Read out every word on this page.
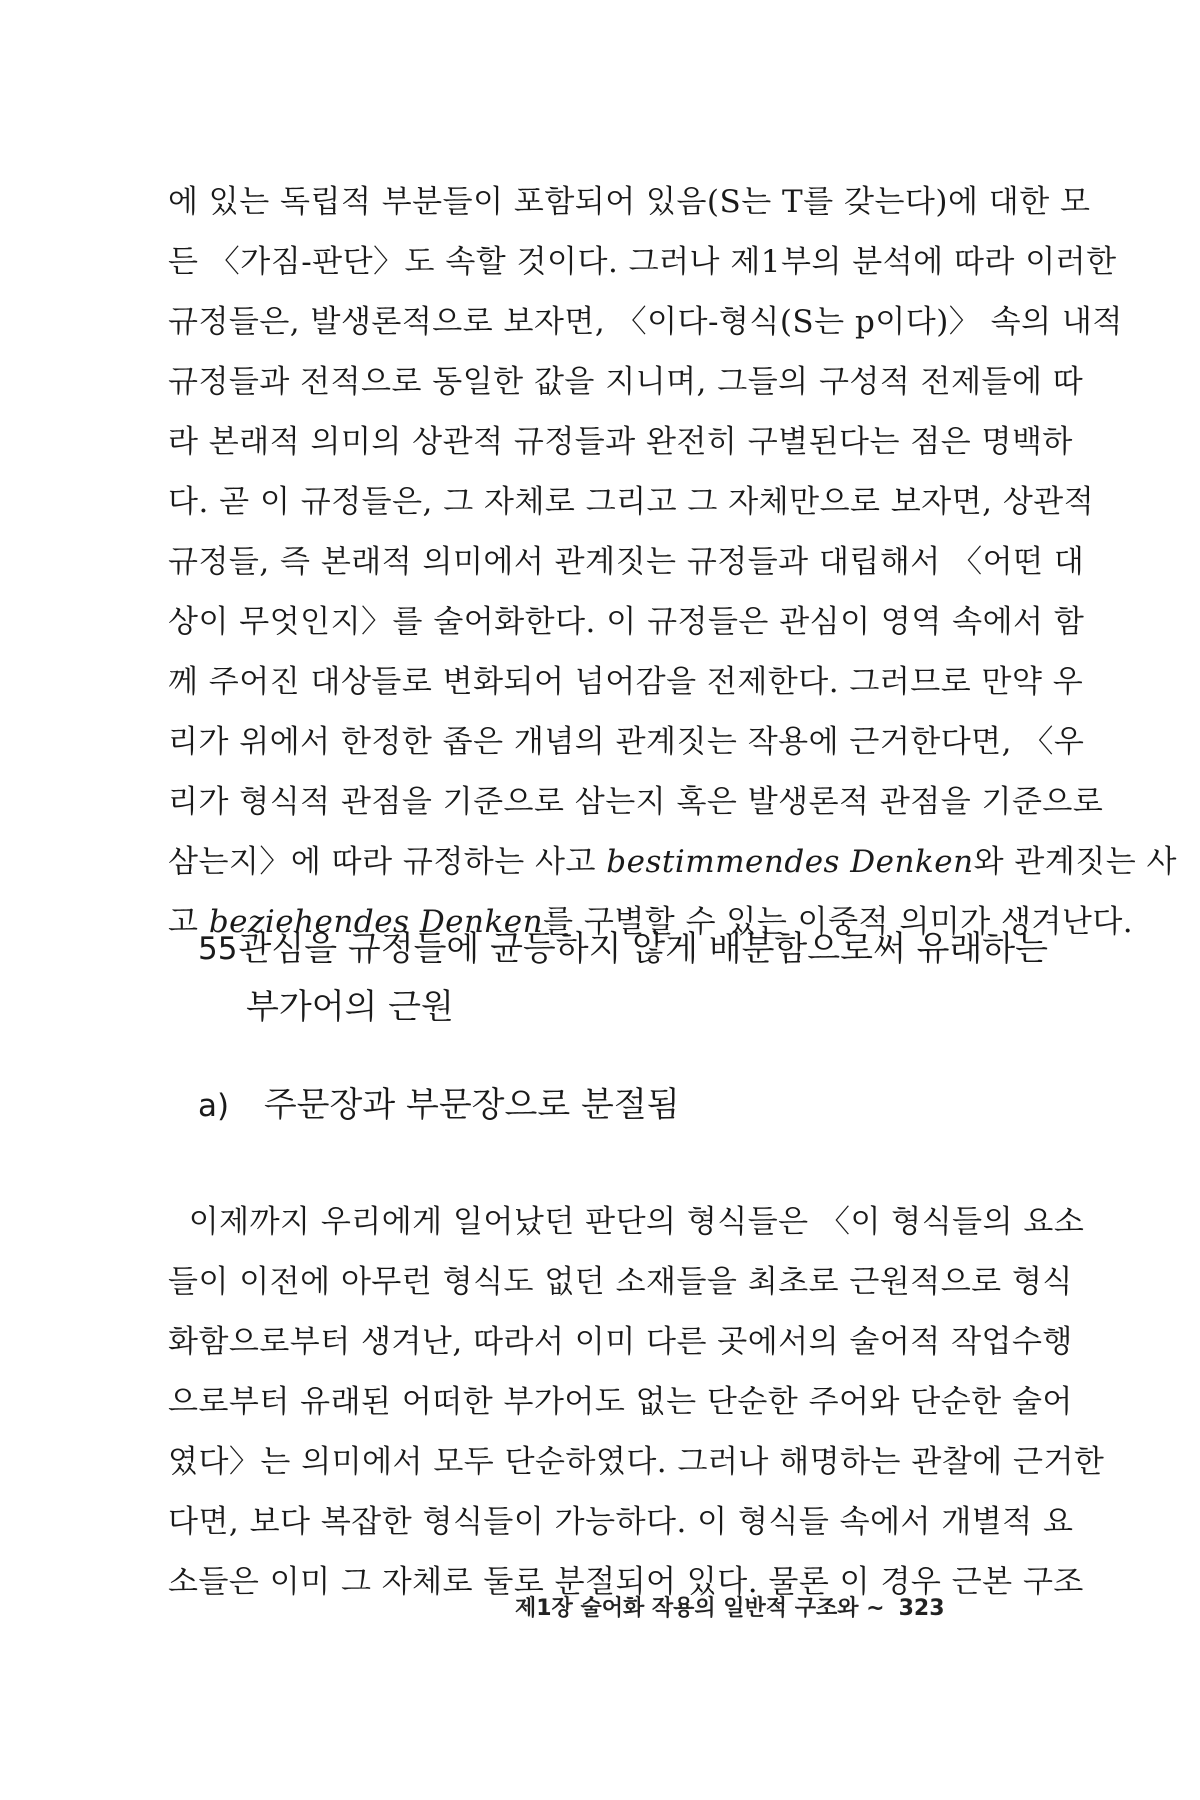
에 있는 독립적 부분들이 포함되어 있음(S는 T를 갖는다)에 대한 모
든 〈가짐-판단〉도 속할 것이다. 그러나 제1부의 분석에 따라 이러한
규정들은, 발생론적으로 보자면, 〈이다-형식(S는 p이다)〉 속의 내적
규정들과 전적으로 동일한 값을 지니며, 그들의 구성적 전제들에 따
라 본래적 의미의 상관적 규정들과 완전히 구별된다는 점은 명백하
다. 곧 이 규정들은, 그 자체로 그리고 그 자체만으로 보자면, 상관적
규정들, 즉 본래적 의미에서 관계짓는 규정들과 대립해서 〈어떤 대
상이 무엇인지〉를 술어화한다. 이 규정들은 관심이 영역 속에서 함
께 주어진 대상들로 변화되어 넘어감을 전제한다. 그러므로 만약 우
리가 위에서 한정한 좁은 개념의 관계짓는 작용에 근거한다면, 〈우
리가 형식적 관점을 기준으로 삼는지 혹은 발생론적 관점을 기준으로
삼는지〉에 따라 규정하는 사고 bestimmendes Denken와 관계짓는 사
고 beziehendes Denken를 구별할 수 있는 이중적 의미가 생겨난다.
55 관심을 규정들에 균등하지 않게 배분함으로써 유래하는
부가어의 근원
a) 주문장과 부문장으로 분절됨
이제까지 우리에게 일어났던 판단의 형식들은 〈이 형식들의 요소
들이 이전에 아무런 형식도 없던 소재들을 최초로 근원적으로 형식
화함으로부터 생겨난, 따라서 이미 다른 곳에서의 술어적 작업수행
으로부터 유래된 어떠한 부가어도 없는 단순한 주어와 단순한 술어
였다〉는 의미에서 모두 단순하였다. 그러나 해명하는 관찰에 근거한
다면, 보다 복잡한 형식들이 가능하다. 이 형식들 속에서 개별적 요
소들은 이미 그 자체로 둘로 분절되어 있다. 물론 이 경우 근본 구조
제1장 술어화 작용의 일반적 구조와 ~ 323
